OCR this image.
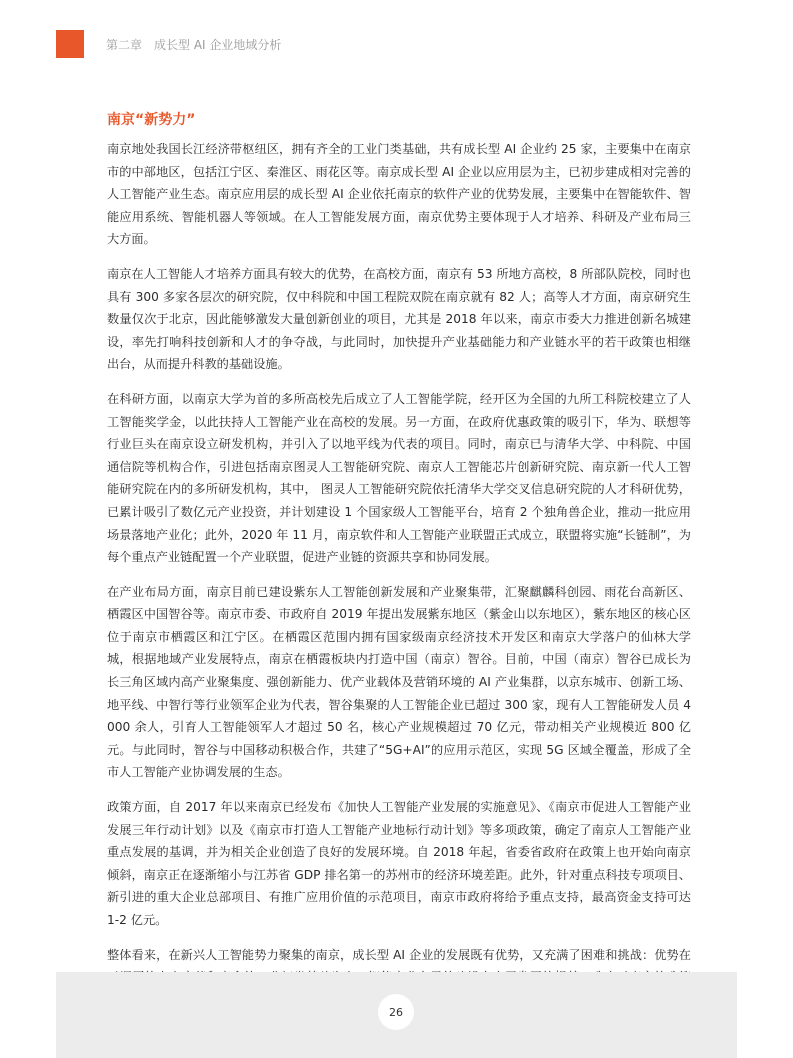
第二章 成长型 AI 企业地域分析
南京“新势力”

南京地处我国长江经济带枢纽区，拥有齐全的工业门类基础，共有成长型 AI 企业约 25 家，主要集中在南京市的中部地区，包括江宁区、秦淮区、雨花区等。南京成长型 AI 企业以应用层为主，已初步建成相对完善的人工智能产业生态。南京应用层的成长型 AI 企业依托南京的软件产业的优势发展，主要集中在智能软件、智能应用系统、智能机器人等领域。在人工智能发展方面，南京优势主要体现于人才培养、科研及产业布局三大方面。

南京在人工智能人才培养方面具有较大的优势，在高校方面，南京有 53 所地方高校，8 所部队院校，同时也具有 300 多家各层次的研究院，仅中科院和中国工程院双院在南京就有 82 人；高等人才方面，南京研究生数量仅次于北京，因此能够激发大量创新创业的项目，尤其是 2018 年以来，南京市委大力推进创新名城建设，率先打响科技创新和人才的争夺战，与此同时，加快提升产业基础能力和产业链水平的若干政策也相继出台，从而提升科教的基础设施。

在科研方面，以南京大学为首的多所高校先后成立了人工智能学院，经开区为全国的九所工科院校建立了人工智能奖学金，以此扶持人工智能产业在高校的发展。另一方面，在政府优惠政策的吸引下，华为、联想等行业巨头在南京设立研发机构，并引入了以地平线为代表的项目。同时，南京已与清华大学、中科院、中国通信院等机构合作，引进包括南京图灵人工智能研究院、南京人工智能芯片创新研究院、南京新一代人工智能研究院在内的多所研发机构，其中， 图灵人工智能研究院依托清华大学交叉信息研究院的人才科研优势，已累计吸引了数亿元产业投资，并计划建设 1 个国家级人工智能平台，培育 2 个独角兽企业，推动一批应用场景落地产业化；此外，2020 年 11 月，南京软件和人工智能产业联盟正式成立，联盟将实施“长链制”，为每个重点产业链配置一个产业联盟，促进产业链的资源共享和协同发展。

在产业布局方面，南京目前已建设紫东人工智能创新发展和产业聚集带，汇聚麒麟科创园、雨花台高新区、栖霞区中国智谷等。南京市委、市政府自 2019 年提出发展紫东地区（紫金山以东地区），紫东地区的核心区位于南京市栖霞区和江宁区。在栖霞区范围内拥有国家级南京经济技术开发区和南京大学落户的仙林大学城，根据地域产业发展特点，南京在栖霞板块内打造中国（南京）智谷。目前，中国（南京）智谷已成长为长三角区域内高产业聚集度、强创新能力、优产业载体及营销环境的 AI 产业集群，以京东城市、创新工场、地平线、中智行等行业领军企业为代表，智谷集聚的人工智能企业已超过 300 家，现有人工智能研发人员 4000 余人，引育人工智能领军人才超过 50 名，核心产业规模超过 70 亿元，带动相关产业规模近 800 亿元。与此同时，智谷与中国移动积极合作，共建了“5G+AI”的应用示范区，实现 5G 区域全覆盖，形成了全市人工智能产业协调发展的生态。

政策方面，自 2017 年以来南京已经发布《加快人工智能产业发展的实施意见》、《南京市促进人工智能产业发展三年行动计划》以及《南京市打造人工智能产业地标行动计划》等多项政策，确定了南京人工智能产业重点发展的基调，并为相关企业创造了良好的发展环境。自 2018 年起，省委省政府在政策上也开始向南京倾斜，南京正在逐渐缩小与江苏省 GDP 排名第一的苏州市的经济环境差距。此外，针对重点科技专项项目、新引进的重大企业总部项目、有推广应用价值的示范项目，南京市政府将给予重点支持，最高资金支持可达 1-2 亿元。

整体看来，在新兴人工智能势力聚集的南京，成长型 AI 企业的发展既有优势，又充满了困难和挑战：优势在

26
